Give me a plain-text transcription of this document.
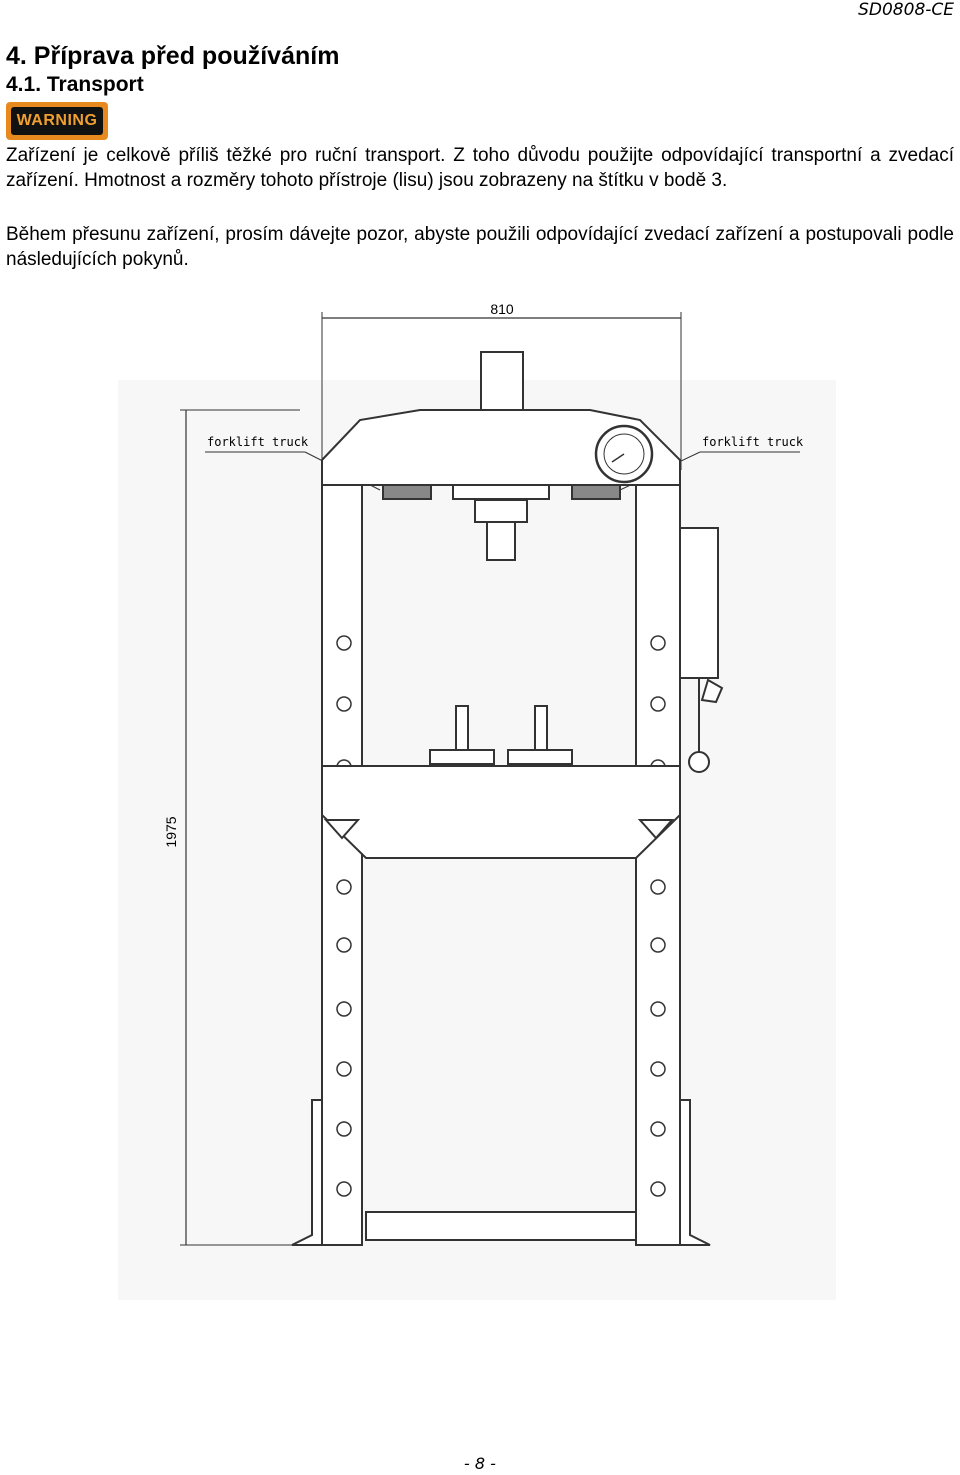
SD0808-CE
4. Příprava před používáním
4.1. Transport
WARNING

Zařízení je celkově příliš těžké pro ruční transport. Z toho důvodu použijte odpovídající transportní a zvedací zařízení. Hmotnost a rozměry tohoto přístroje (lisu) jsou zobrazeny na štítku v bodě 3.

Během přesunu zařízení, prosím dávejte pozor, abyste použili odpovídající zvedací zařízení a postupovali podle následujících pokynů.

810
1975
forklift truck	forklift truck
- 8 -
